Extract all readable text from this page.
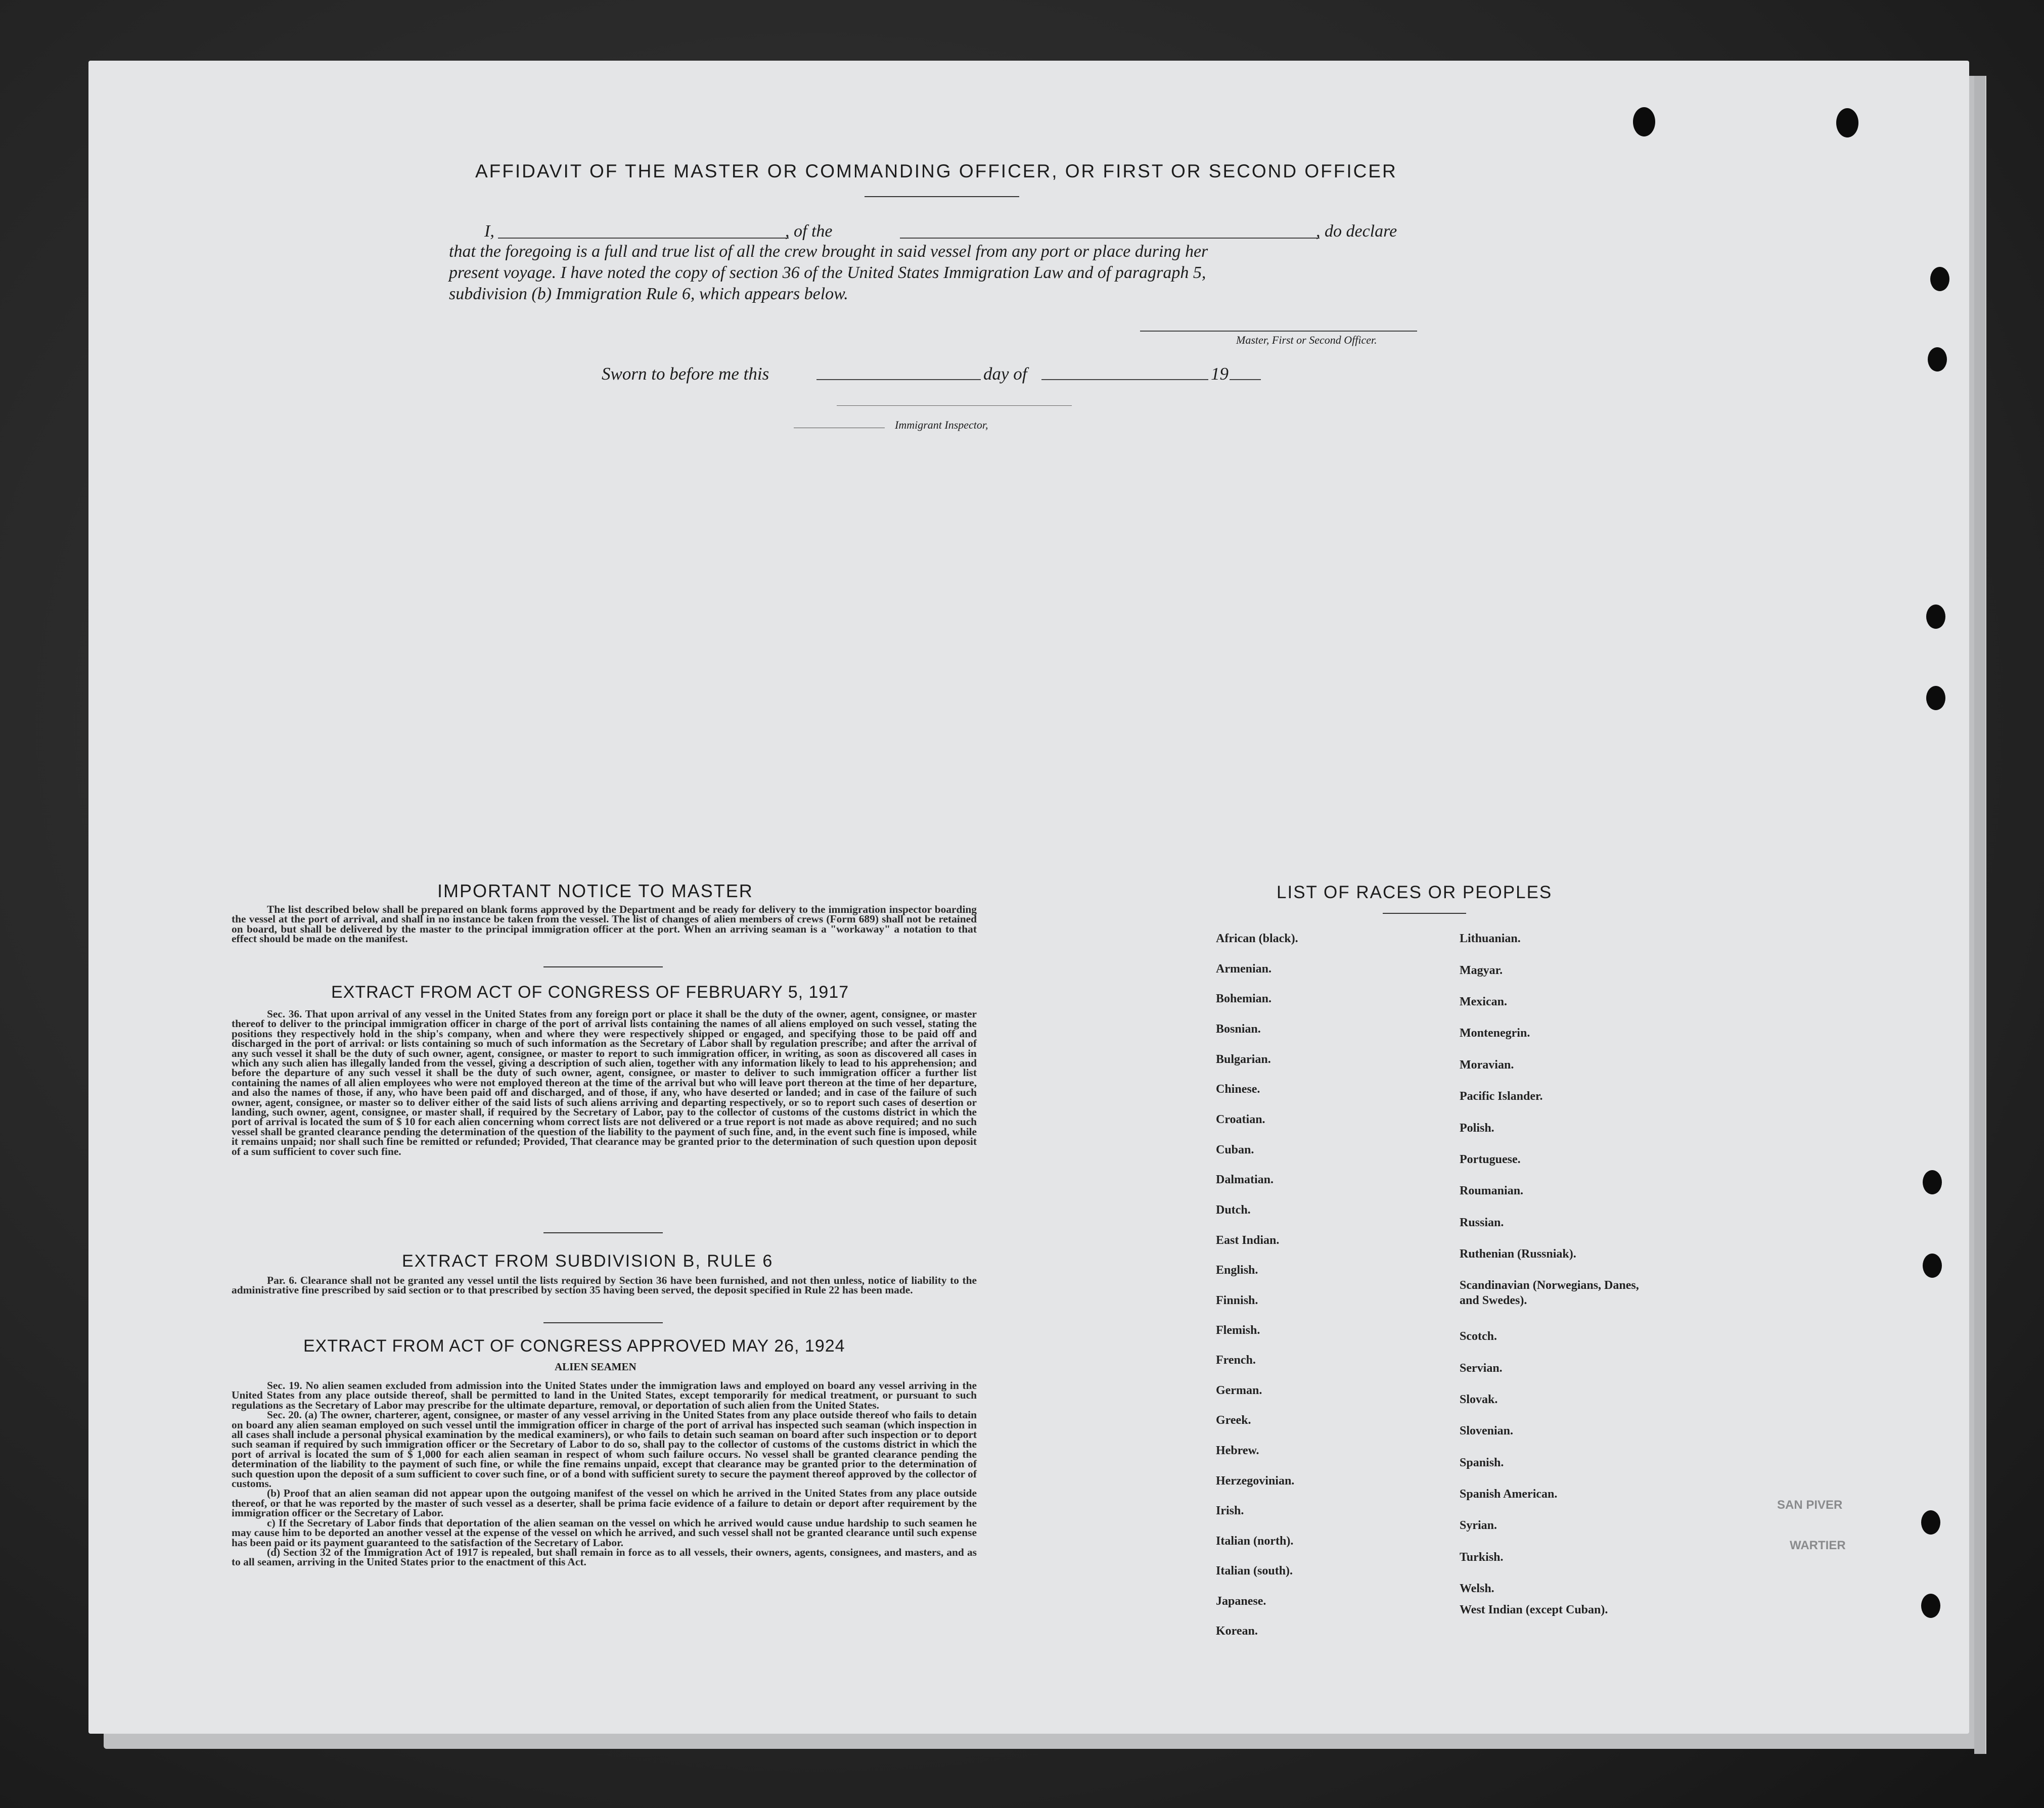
AFFIDAVIT OF THE MASTER OR COMMANDING OFFICER, OR FIRST OR SECOND OFFICER
I,	, of the	, do declare
that the foregoing is a full and true list of all the crew brought in said vessel from any port or place during her
present voyage. I have noted the copy of section 36 of the United States Immigration Law and of paragraph 5,
subdivision (b) Immigration Rule 6, which appears below.
Master, First or Second Officer.
Sworn to before me this	day of	19
Immigrant Inspector,
IMPORTANT NOTICE TO MASTER
The list described below shall be prepared on blank forms approved by the Department and be ready for delivery to the immigration inspector boarding the vessel at the port of arrival, and shall in no instance be taken from the vessel. The list of changes of alien members of crews (Form 689) shall not be retained on board, but shall be delivered by the master to the principal immigration officer at the port. When an arriving seaman is a "workaway" a notation to that effect should be made on the manifest.
EXTRACT FROM ACT OF CONGRESS OF FEBRUARY 5, 1917
Sec. 36. That upon arrival of any vessel in the United States from any foreign port or place it shall be the duty of the owner, agent, consignee, or master thereof to deliver to the principal immigration officer in charge of the port of arrival lists containing the names of all aliens employed on such vessel, stating the positions they respectively hold in the ship's company, when and where they were respectively shipped or engaged, and specifying those to be paid off and discharged in the port of arrival: or lists containing so much of such information as the Secretary of Labor shall by regulation prescribe; and after the arrival of any such vessel it shall be the duty of such owner, agent, consignee, or master to report to such immigration officer, in writing, as soon as discovered all cases in which any such alien has illegally landed from the vessel, giving a description of such alien, together with any information likely to lead to his apprehension; and before the departure of any such vessel it shall be the duty of such owner, agent, consignee, or master to deliver to such immigration officer a further list containing the names of all alien employees who were not employed thereon at the time of the arrival but who will leave port thereon at the time of her departure, and also the names of those, if any, who have been paid off and discharged, and of those, if any, who have deserted or landed; and in case of the failure of such owner, agent, consignee, or master so to deliver either of the said lists of such aliens arriving and departing respectively, or so to report such cases of desertion or landing, such owner, agent, consignee, or master shall, if required by the Secretary of Labor, pay to the collector of customs of the customs district in which the port of arrival is located the sum of $ 10 for each alien concerning whom correct lists are not delivered or a true report is not made as above required; and no such vessel shall be granted clearance pending the determination of the question of the liability to the payment of such fine, and, in the event such fine is imposed, while it remains unpaid; nor shall such fine be remitted or refunded; Provided, That clearance may be granted prior to the determination of such question upon deposit of a sum sufficient to cover such fine.
EXTRACT FROM SUBDIVISION B, RULE 6
Par. 6. Clearance shall not be granted any vessel until the lists required by Section 36 have been furnished, and not then unless, notice of liability to the administrative fine prescribed by said section or to that prescribed by section 35 having been served, the deposit specified in Rule 22 has been made.
EXTRACT FROM ACT OF CONGRESS APPROVED MAY 26, 1924
ALIEN SEAMEN
Sec. 19. No alien seamen excluded from admission into the United States under the immigration laws and employed on board any vessel arriving in the United States from any place outside thereof, shall be permitted to land in the United States, except temporarily for medical treatment, or pursuant to such regulations as the Secretary of Labor may prescribe for the ultimate departure, removal, or deportation of such alien from the United States.
Sec. 20. (a) The owner, charterer, agent, consignee, or master of any vessel arriving in the United States from any place outside thereof who fails to detain on board any alien seaman employed on such vessel until the immigration officer in charge of the port of arrival has inspected such seaman (which inspection in all cases shall include a personal physical examination by the medical examiners), or who fails to detain such seaman on board after such inspection or to deport such seaman if required by such immigration officer or the Secretary of Labor to do so, shall pay to the collector of customs of the customs district in which the port of arrival is located the sum of $ 1,000 for each alien seaman in respect of whom such failure occurs. No vessel shall be granted clearance pending the determination of the liability to the payment of such fine, or while the fine remains unpaid, except that clearance may be granted prior to the determination of such question upon the deposit of a sum sufficient to cover such fine, or of a bond with sufficient surety to secure the payment thereof approved by the collector of customs.
(b) Proof that an alien seaman did not appear upon the outgoing manifest of the vessel on which he arrived in the United States from any place outside thereof, or that he was reported by the master of such vessel as a deserter, shall be prima facie evidence of a failure to detain or deport after requirement by the immigration officer or the Secretary of Labor.
c) If the Secretary of Labor finds that deportation of the alien seaman on the vessel on which he arrived would cause undue hardship to such seamen he may cause him to be deported an another vessel at the expense of the vessel on which he arrived, and such vessel shall not be granted clearance until such expense has been paid or its payment guaranteed to the satisfaction of the Secretary of Labor.
(d) Section 32 of the Immigration Act of 1917 is repealed, but shall remain in force as to all vessels, their owners, agents, consignees, and masters, and as to all seamen, arriving in the United States prior to the enactment of this Act.
LIST OF RACES OR PEOPLES
African (black).
Armenian.
Bohemian.
Bosnian.
Bulgarian.
Chinese.
Croatian.
Cuban.
Dalmatian.
Dutch.
East Indian.
English.
Finnish.
Flemish.
French.
German.
Greek.
Hebrew.
Herzegovinian.
Irish.
Italian (north).
Italian (south).
Japanese.
Korean.
Lithuanian.
Magyar.
Mexican.
Montenegrin.
Moravian.
Pacific Islander.
Polish.
Portuguese.
Roumanian.
Russian.
Ruthenian (Russniak).
Scandinavian (Norwegians, Danes, and Swedes).
Scotch.
Servian.
Slovak.
Slovenian.
Spanish.
Spanish American.
Syrian.
Turkish.
Welsh.
West Indian (except Cuban).
SAN PIVER
WARTIER
